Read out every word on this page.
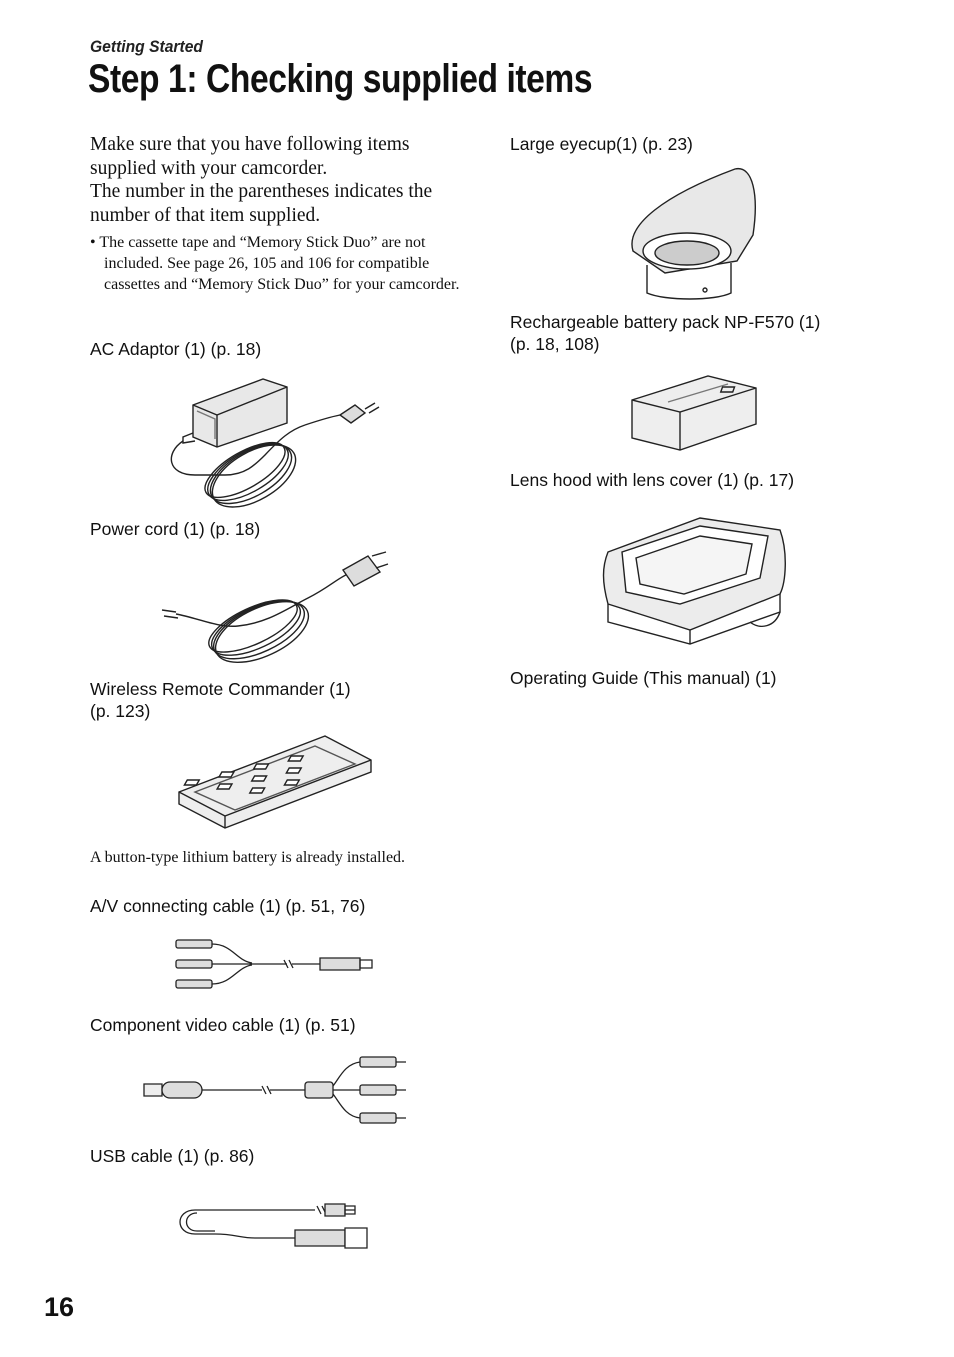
Getting Started
Step 1: Checking supplied items
Make sure that you have following items supplied with your camcorder.
The number in the parentheses indicates the number of that item supplied.
• The cassette tape and “Memory Stick Duo” are not included. See page 26, 105 and 106 for compatible cassettes and “Memory Stick Duo” for your camcorder.
AC Adaptor (1) (p. 18)
Power cord (1) (p. 18)
Wireless Remote Commander (1)
(p. 123)
A button-type lithium battery is already installed.
A/V connecting cable (1) (p. 51, 76)
Component video cable (1) (p. 51)
USB cable (1) (p. 86)
Large eyecup(1) (p. 23)
Rechargeable battery pack NP-F570 (1)
(p. 18, 108)
Lens hood with lens cover (1) (p. 17)
Operating Guide (This manual) (1)
16
